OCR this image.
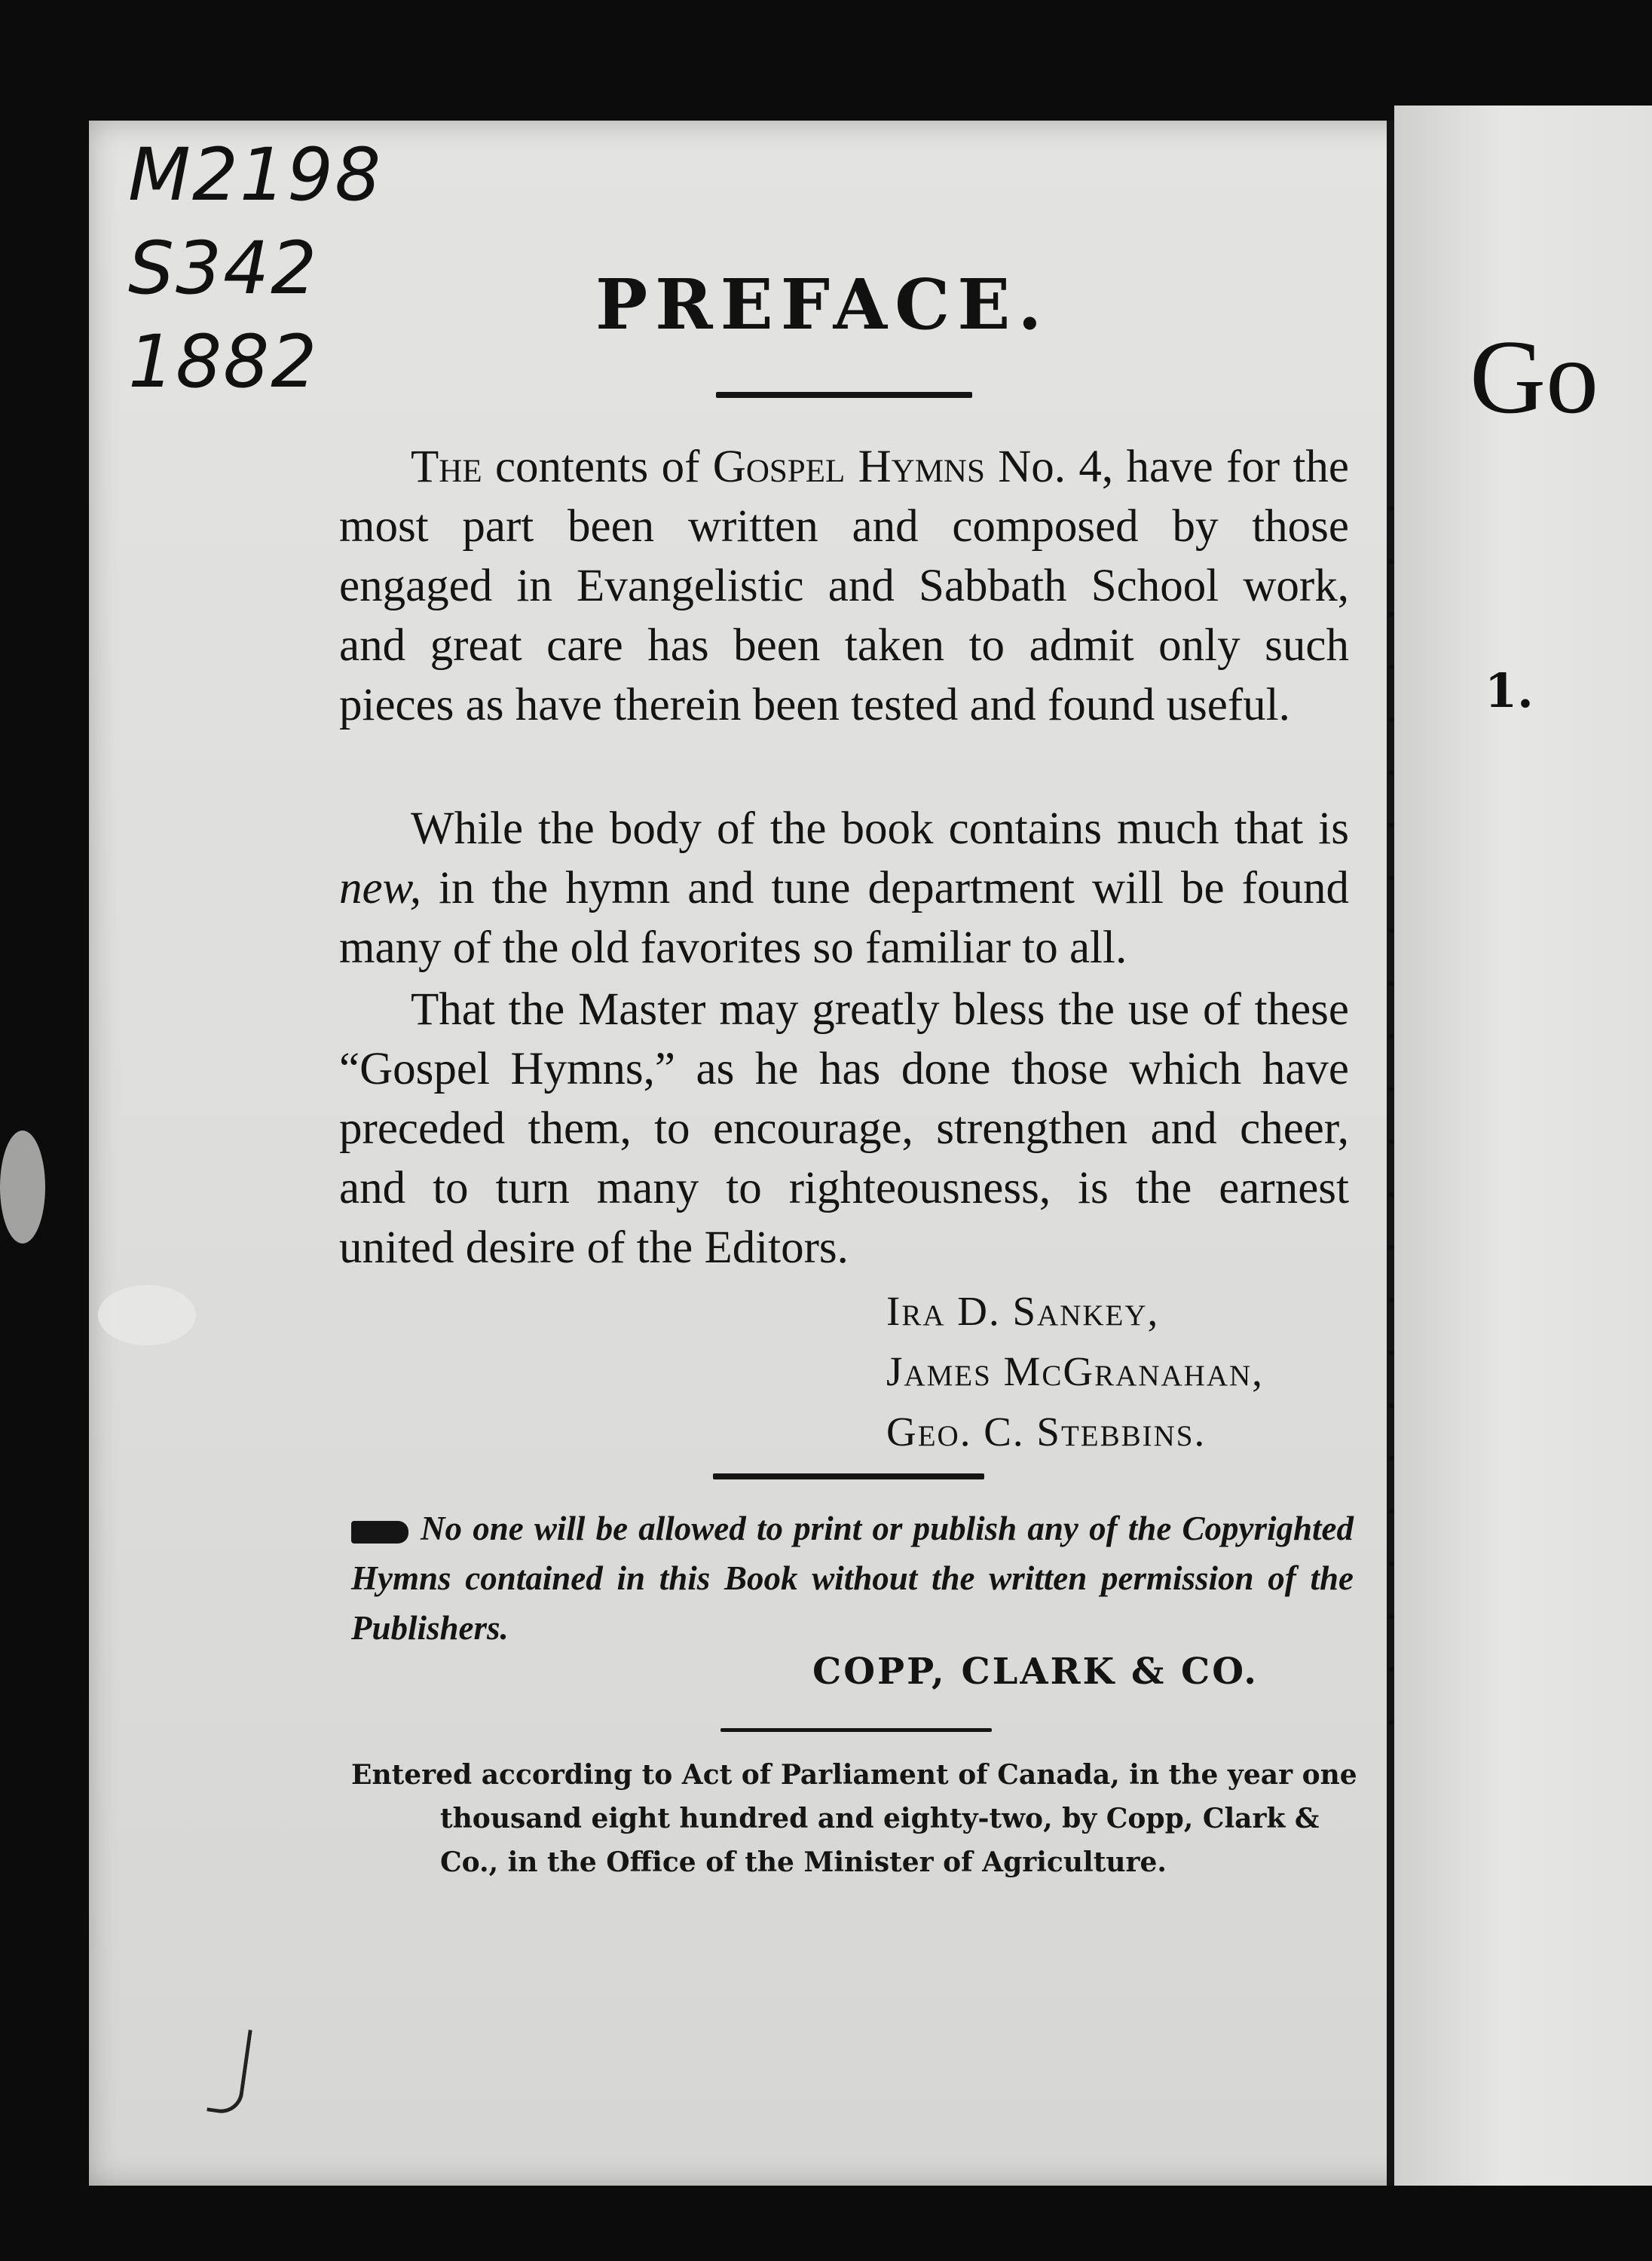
M2198
S342
1882
PREFACE.

The contents of Gospel Hymns No. 4, have for the most part been written and composed by those engaged in Evangelistic and Sabbath School work, and great care has been taken to admit only such pieces as have therein been tested and found useful.

While the body of the book contains much that is new, in the hymn and tune department will be found many of the old favorites so familiar to all.

That the Master may greatly bless the use of these “Gospel Hymns,” as he has done those which have preceded them, to encourage, strengthen and cheer, and to turn many to righteousness, is the earnest united desire of the Editors.

Ira D. Sankey,
James McGranahan,
Geo. C. Stebbins.

No one will be allowed to print or publish any of the Copyrighted Hymns contained in this Book without the written permission of the Publishers.

COPP, CLARK & CO.

Entered according to Act of Parliament of Canada, in the year one
thousand eight hundred and eighty-two, by Copp, Clark &
Co., in the Office of the Minister of Agriculture.

Go
1.
